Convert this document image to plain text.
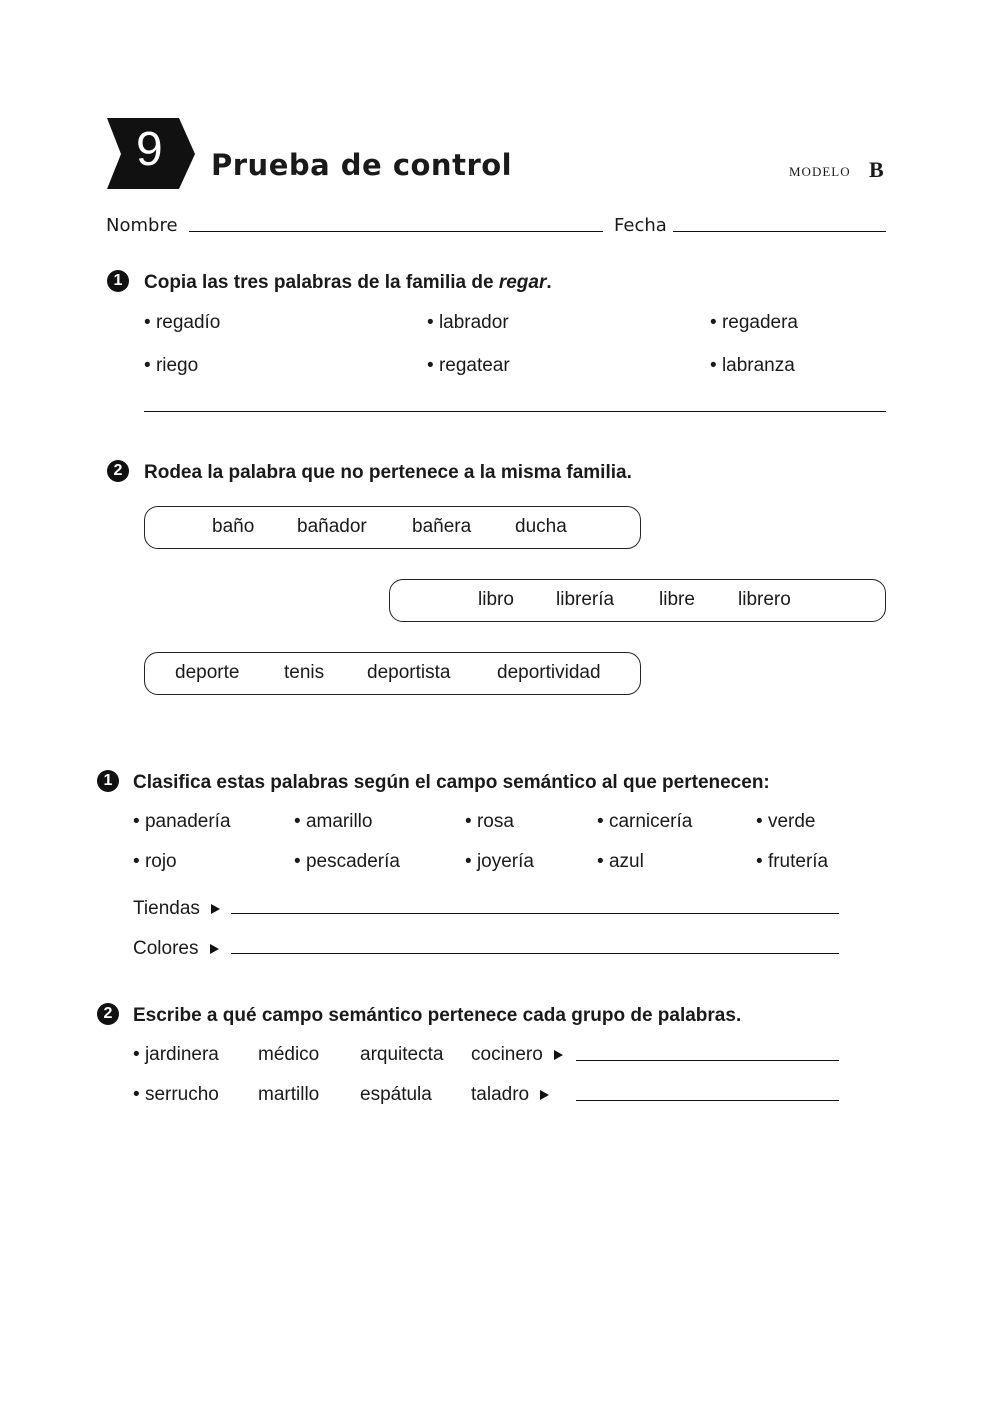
9 Prueba de control	MODELO B
Nombre	Fecha
1	Copia las tres palabras de la familia de regar.
• regadío	• labrador	• regadera
• riego	• regatear	• labranza
2	Rodea la palabra que no pertenece a la misma familia.
baño bañador bañera ducha
libro librería libre librero
deporte tenis deportista deportividad
1	Clasifica estas palabras según el campo semántico al que pertenecen:
• panadería	• amarillo	• rosa	• carnicería	• verde
• rojo	• pescadería	• joyería	• azul	• frutería
Tiendas
Colores
2	Escribe a qué campo semántico pertenece cada grupo de palabras.
• jardinera médico arquitecta cocinero
• serrucho martillo espátula taladro
